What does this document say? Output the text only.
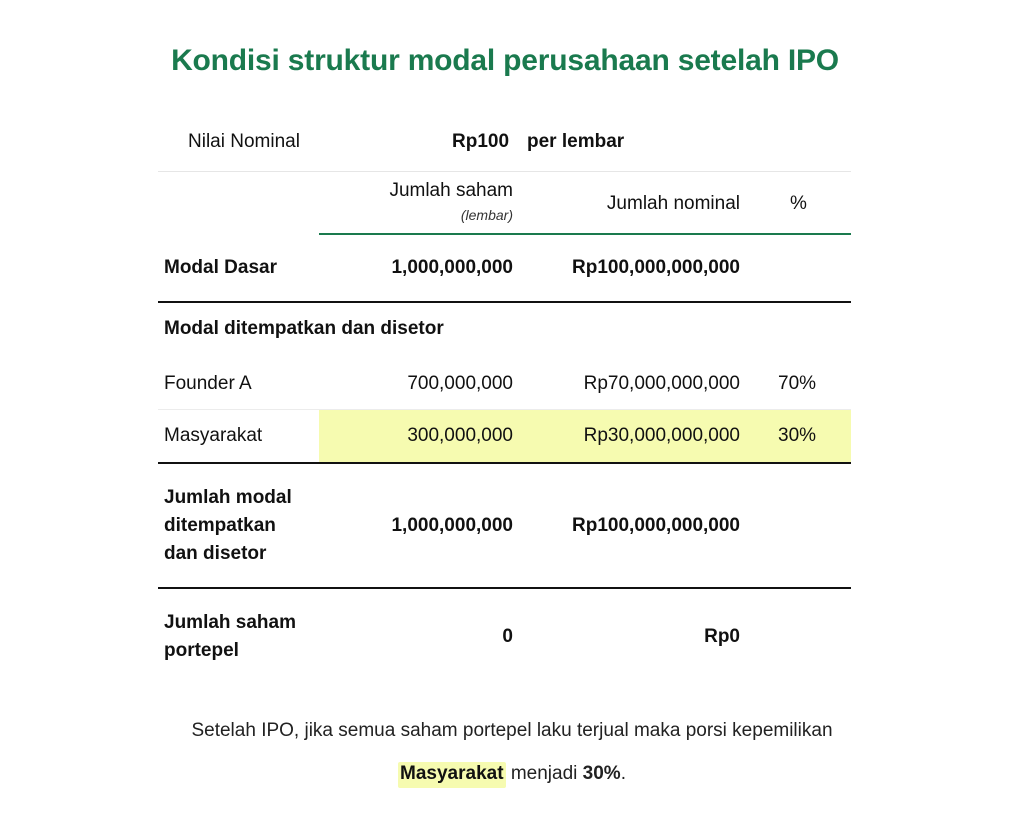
Kondisi struktur modal perusahaan setelah IPO
Nilai Nominal	Rp100 per lembar
Jumlah saham
(lembar)
Jumlah nominal	%
Modal Dasar	1,000,000,000	Rp100,000,000,000
Modal ditempatkan dan disetor
Founder A	700,000,000	Rp70,000,000,000 70%
Masyarakat	300,000,000	Rp30,000,000,000 30%
Jumlah modal
ditempatkan
dan disetor
1,000,000,000	Rp100,000,000,000
Jumlah saham
portepel
0	Rp0
Setelah IPO, jika semua saham portepel laku terjual maka porsi kepemilikan
Masyarakat menjadi 30%.
